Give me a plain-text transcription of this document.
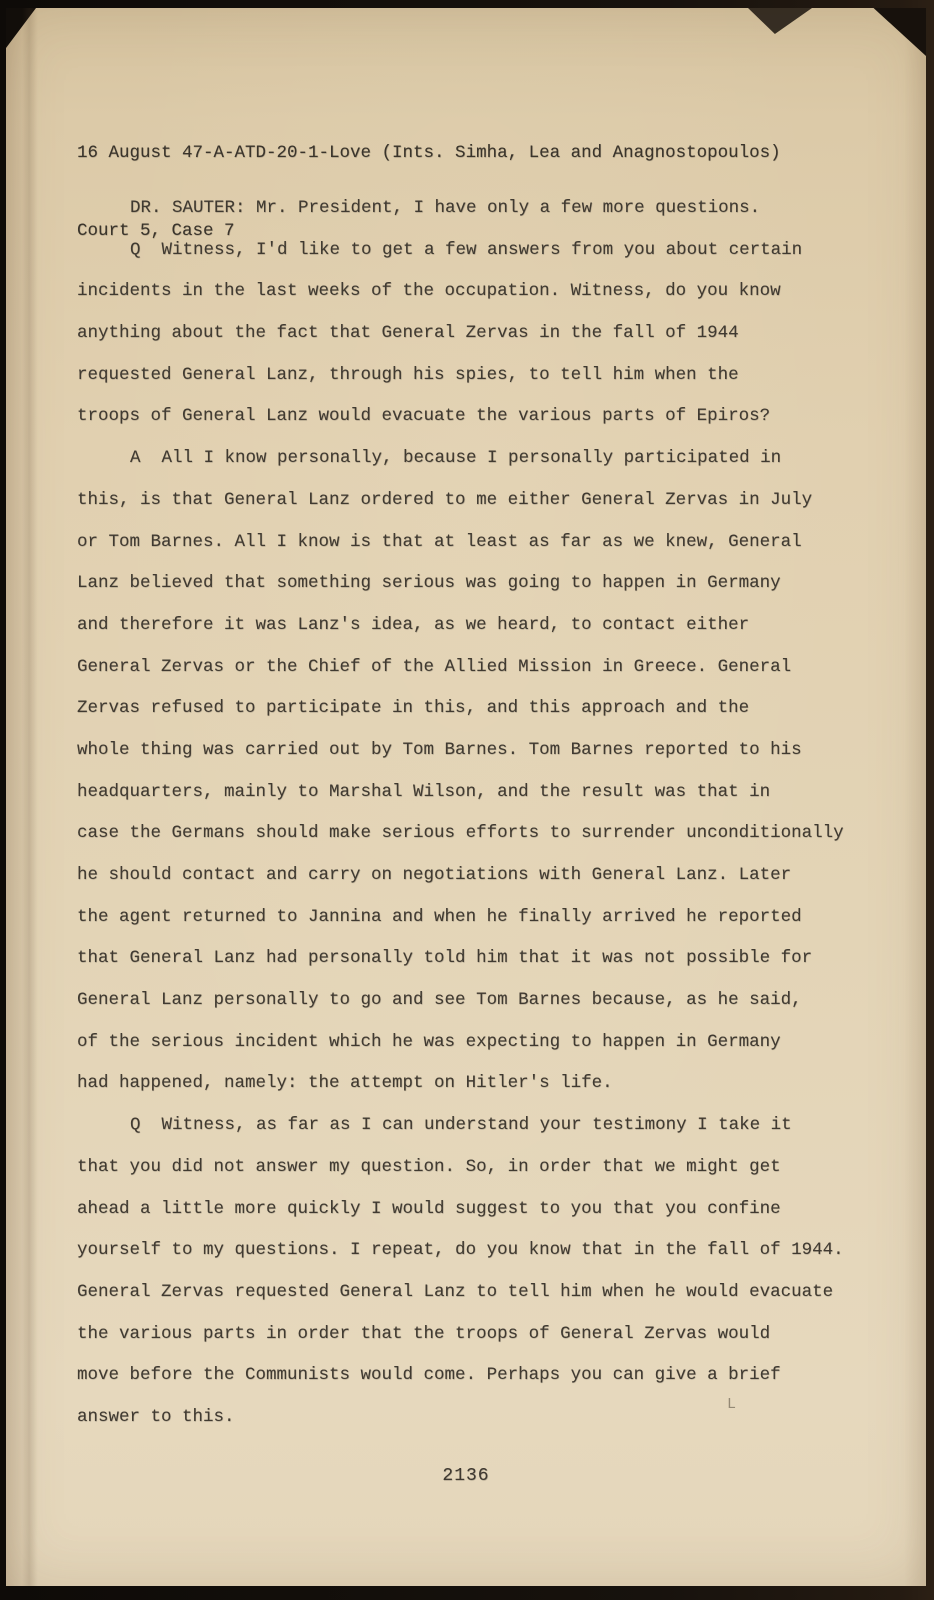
16 August 47-A-ATD-20-1-Love (Ints. Simha, Lea and Anagnostopoulos)

Court 5, Case 7

DR. SAUTER: Mr. President, I have only a few more questions.
Q  Witness, I'd like to get a few answers from you about certain
incidents in the last weeks of the occupation. Witness, do you know
anything about the fact that General Zervas in the fall of 1944
requested General Lanz, through his spies, to tell him when the
troops of General Lanz would evacuate the various parts of Epiros?
A  All I know personally, because I personally participated in
this, is that General Lanz ordered to me either General Zervas in July
or Tom Barnes. All I know is that at least as far as we knew, General
Lanz believed that something serious was going to happen in Germany
and therefore it was Lanz's idea, as we heard, to contact either
General Zervas or the Chief of the Allied Mission in Greece. General
Zervas refused to participate in this, and this approach and the
whole thing was carried out by Tom Barnes. Tom Barnes reported to his
headquarters, mainly to Marshal Wilson, and the result was that in
case the Germans should make serious efforts to surrender unconditionally
he should contact and carry on negotiations with General Lanz. Later
the agent returned to Jannina and when he finally arrived he reported
that General Lanz had personally told him that it was not possible for
General Lanz personally to go and see Tom Barnes because, as he said,
of the serious incident which he was expecting to happen in Germany
had happened, namely: the attempt on Hitler's life.
Q  Witness, as far as I can understand your testimony I take it
that you did not answer my question. So, in order that we might get
ahead a little more quickly I would suggest to you that you confine
yourself to my questions. I repeat, do you know that in the fall of 1944.
General Zervas requested General Lanz to tell him when he would evacuate
the various parts in order that the troops of General Zervas would
move before the Communists would come. Perhaps you can give a brief
answer to this.
L
2136
